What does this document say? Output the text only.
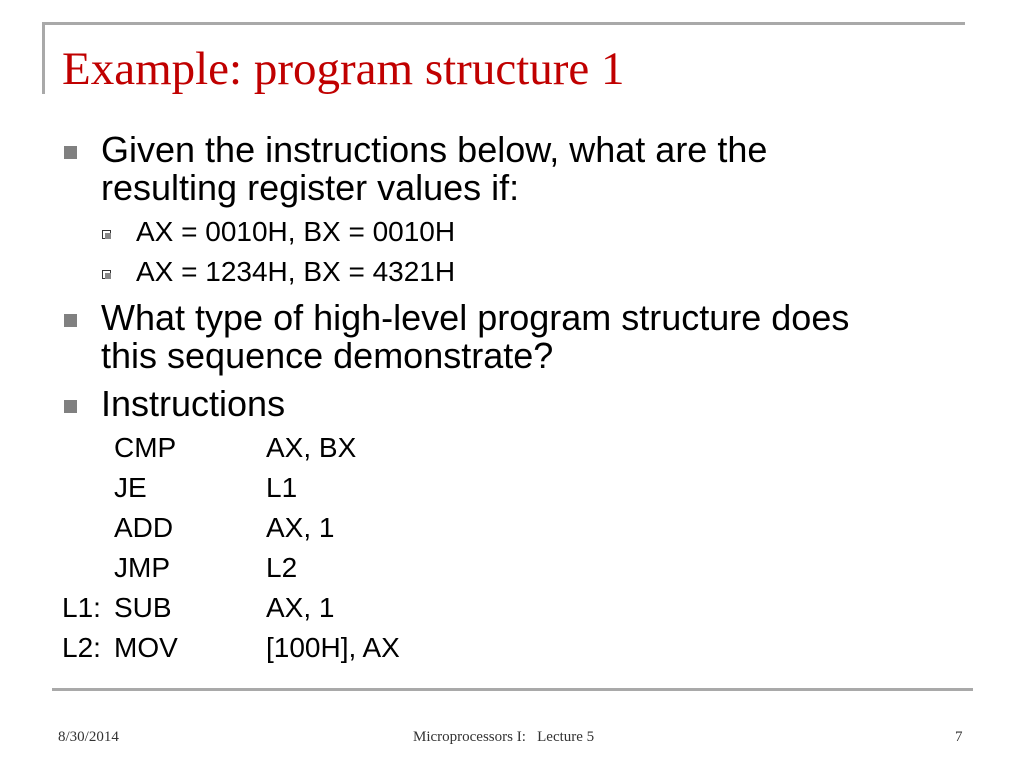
Example: program structure 1
Given the instructions below, what are the
resulting register values if:
AX = 0010H, BX = 0010H
AX = 1234H, BX = 4321H
What type of high-level program structure does
this sequence demonstrate?
Instructions
CMP	AX, BX
JE	L1
ADD	AX, 1
JMP	L2
L1: SUB	AX, 1
L2: MOV	[100H], AX
8/30/2014	Microprocessors I:   Lecture 5	7
